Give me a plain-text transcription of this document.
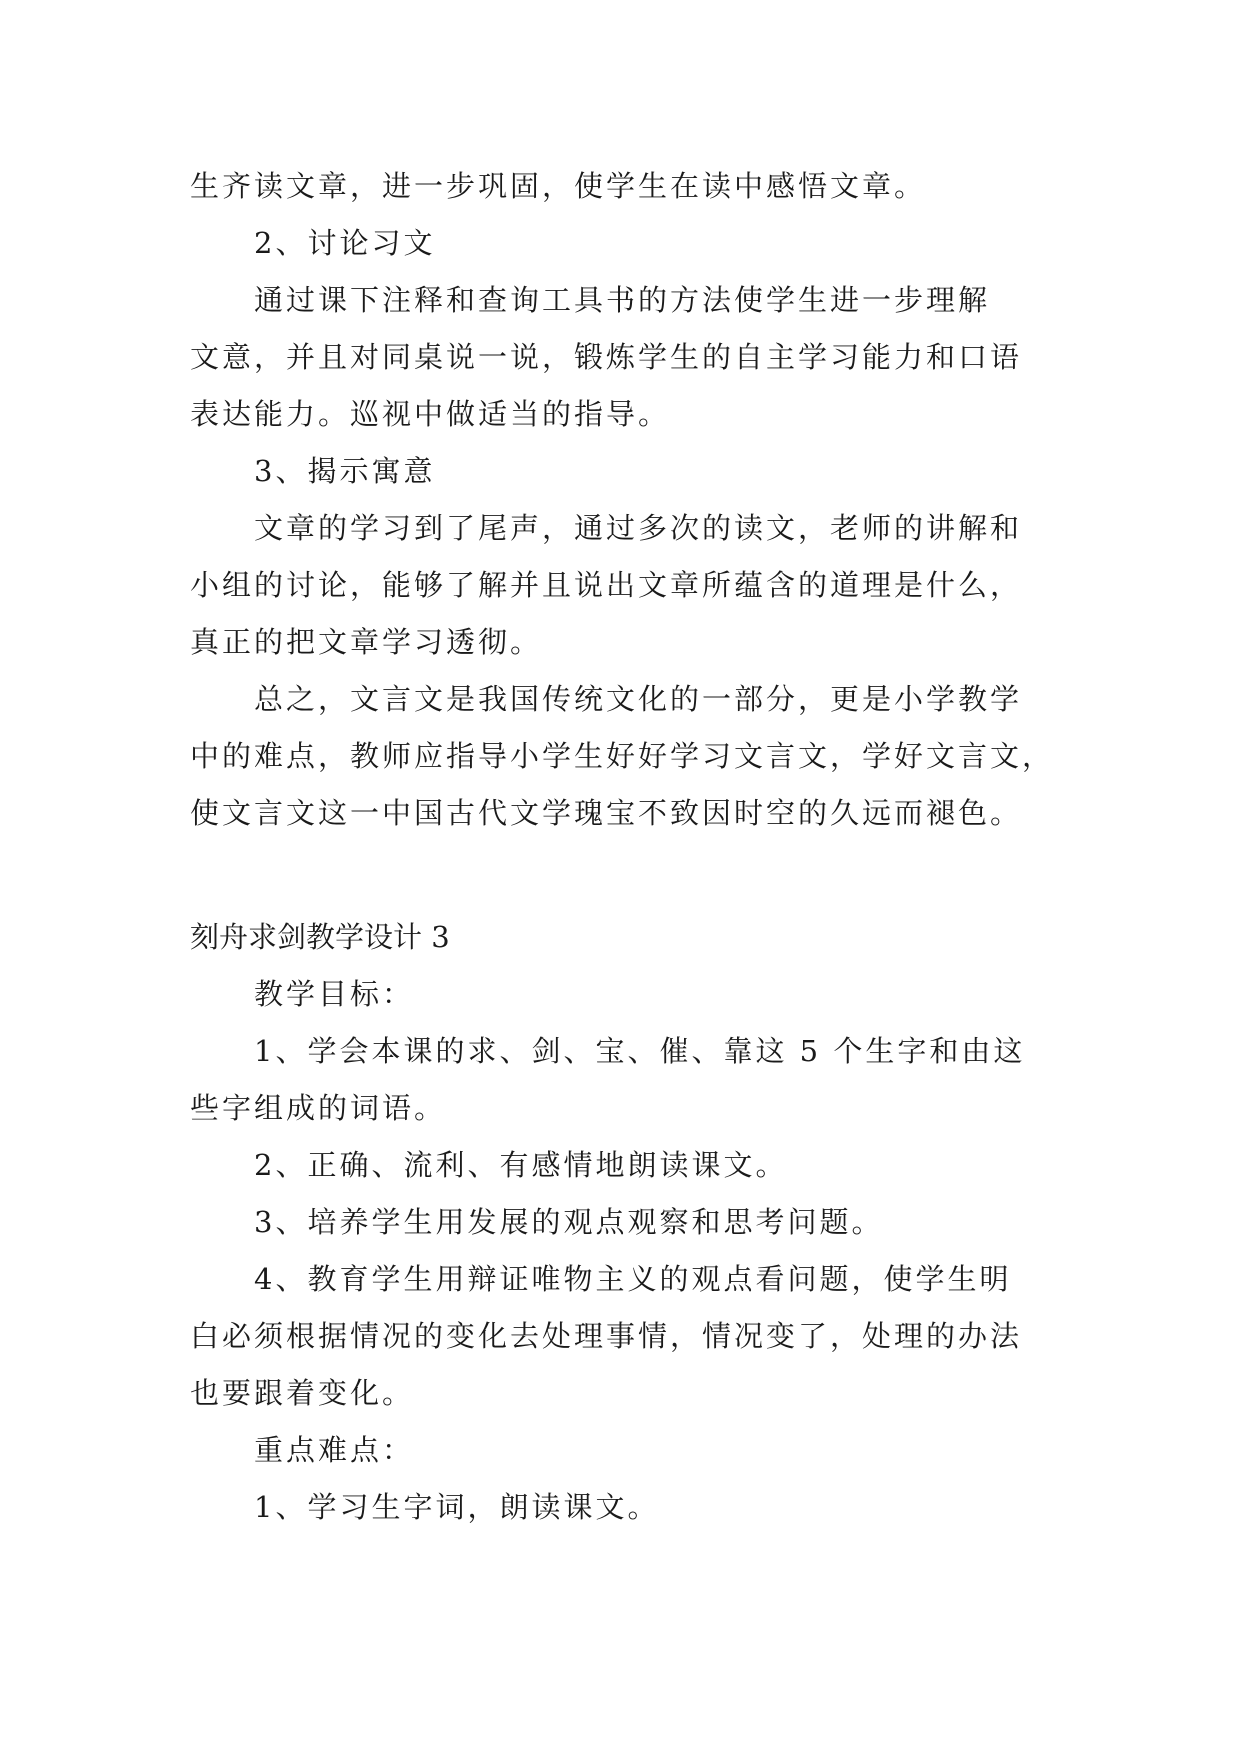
生齐读文章，进一步巩固，使学生在读中感悟文章。
2、讨论习文
通过课下注释和查询工具书的方法使学生进一步理解
文意，并且对同桌说一说，锻炼学生的自主学习能力和口语
表达能力。巡视中做适当的指导。
3、揭示寓意
文章的学习到了尾声，通过多次的读文，老师的讲解和
小组的讨论，能够了解并且说出文章所蕴含的道理是什么，
真正的把文章学习透彻。
总之，文言文是我国传统文化的一部分，更是小学教学
中的难点，教师应指导小学生好好学习文言文，学好文言文，
使文言文这一中国古代文学瑰宝不致因时空的久远而褪色。
刻舟求剑教学设计 3
教学目标：
1、学会本课的求、剑、宝、催、靠这 5 个生字和由这
些字组成的词语。
2、正确、流利、有感情地朗读课文。
3、培养学生用发展的观点观察和思考问题。
4、教育学生用辩证唯物主义的观点看问题，使学生明
白必须根据情况的变化去处理事情，情况变了，处理的办法
也要跟着变化。
重点难点：
1、学习生字词，朗读课文。
